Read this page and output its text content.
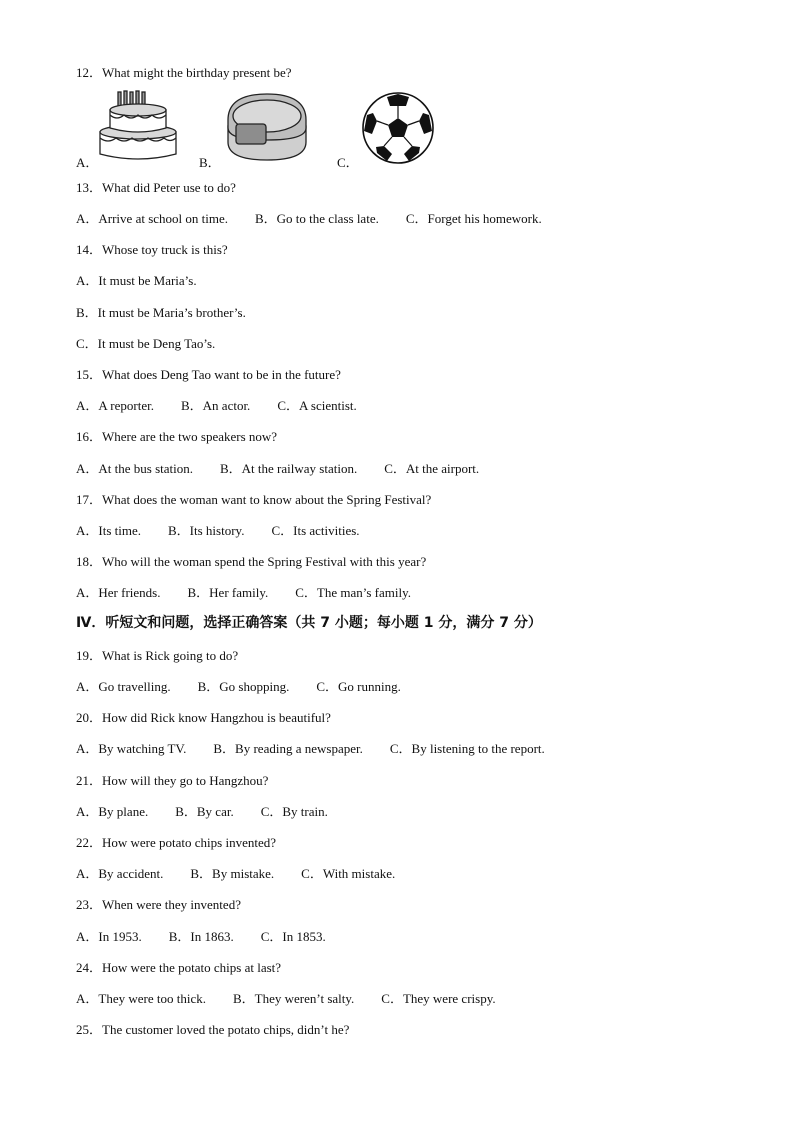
12．What might the birthday present be?
A．	B．	C．
13．What did Peter use to do?
A．Arrive at school on time. B．Go to the class late. C．Forget his homework.
14．Whose toy truck is this?
A．It must be Maria’s.
B．It must be Maria’s brother’s.
C．It must be Deng Tao’s.
15．What does Deng Tao want to be in the future?
A．A reporter. B．An actor. C．A scientist.
16．Where are the two speakers now?
A．At the bus station. B．At the railway station. C．At the airport.
17．What does the woman want to know about the Spring Festival?
A．Its time. B．Its history. C．Its activities.
18．Who will the woman spend the Spring Festival with this year?
A．Her friends. B．Her family. C．The man’s family.
Ⅳ．听短文和问题，选择正确答案（共 7 小题；每小题 1 分，满分 7 分）
19．What is Rick going to do?
A．Go travelling. B．Go shopping. C．Go running.
20．How did Rick know Hangzhou is beautiful?
A．By watching TV. B．By reading a newspaper. C．By listening to the report.
21．How will they go to Hangzhou?
A．By plane. B．By car. C．By train.
22．How were potato chips invented?
A．By accident. B．By mistake. C．With mistake.
23．When were they invented?
A．In 1953. B．In 1863. C．In 1853.
24．How were the potato chips at last?
A．They were too thick. B．They weren’t salty. C．They were crispy.
25．The customer loved the potato chips, didn’t he?
